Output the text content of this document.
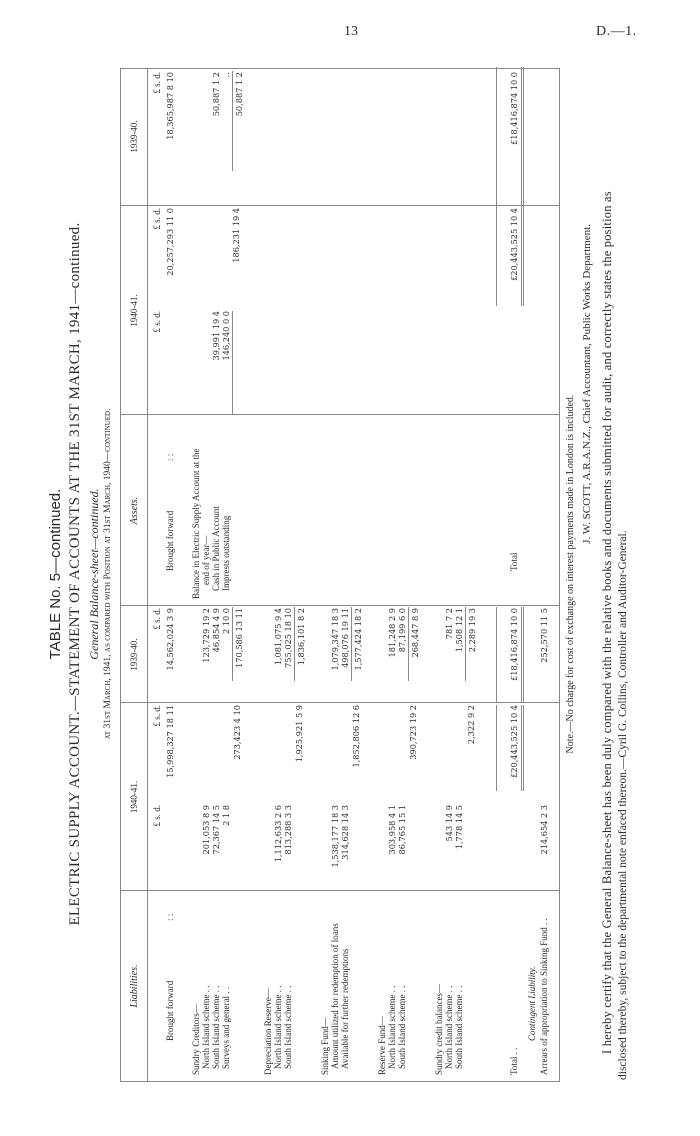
13	D.—1.
TABLE No. 5—continued. ELECTRIC SUPPLY ACCOUNT.—STATEMENT OF ACCOUNTS AT THE 31ST MARCH, 1941—continued. General Balance-sheet—continued. at 31st March, 1941, as compared with Position at 31st March, 1940—continued.
Liabilities.
1940-41.
1939-40.
Assets.
1940-41.
1939-40.
£ s. d.
£ s. d.
£ s. d.
£ s. d.
£ s. d.
£ s. d.
Brought forward
: :
15,998,327 18 11
14,562,024 3 9
Sundry Creditors— North Island scheme . . South Island scheme . . Surveys and general . .
201,053 8 9 72,367 14 5 2 1 8
273,423 4 10
123,729 19 2 46,854 4 9 2 10 0 170,586 13 11
Depreciation Reserve— North Island scheme . . South Island scheme . .
1,112,633 2 6 813,288 3 3
1,925,921 5 9
1,081,075 9 4 755,025 18 10 1,836,101 8 2
Sinking Fund— Amount utilized for redemption of loans Available for further redemptions
1,538,177 18 3 314,628 14 3
1,852,806 12 6
1,079,347 18 3 498,076 19 11 1,577,424 18 2
Reserve Fund— North Island scheme . . South Island scheme . .
303,958 4 1 86,765 15 1
390,723 19 2
181,248 2 9 87,199 6 0 268,447 8 9
Sundry credit balances— North Island scheme . . South Island scheme . .
543 14 9 1,778 14 5
2,322 9 2
781 7 2 1,508 12 1 2,289 19 3
Total . .
£20,443,525 10 4
£18,416,874 10 0
Contingent Liability. Arrears of appropriation to Sinking Fund . .
214,654 2 3
252,570 11 5
Brought forward
: :
20,257,293 11 0
18,365,987 8 10
Balance in Electric Supply Account at the end of year— Cash in Public Account Imprests outstanding
39,991 19 4 146,240 0 0
186,231 19 4
50,887 1 2 .. 50,887 1 2
Total
£20,443,525 10 4
£18,416,874 10 0
Note.—No charge for cost of exchange on interest payments made in London is included.
J. W. SCOTT, A.R.A.N.Z., Chief Accountant, Public Works Department. I hereby certify that the General Balance-sheet has been duly compared with the relative books and documents submitted for audit, and correctly states the position as disclosed thereby, subject to the departmental note enfaced thereon.—Cyril G. Collins, Controller and Auditor-General.
